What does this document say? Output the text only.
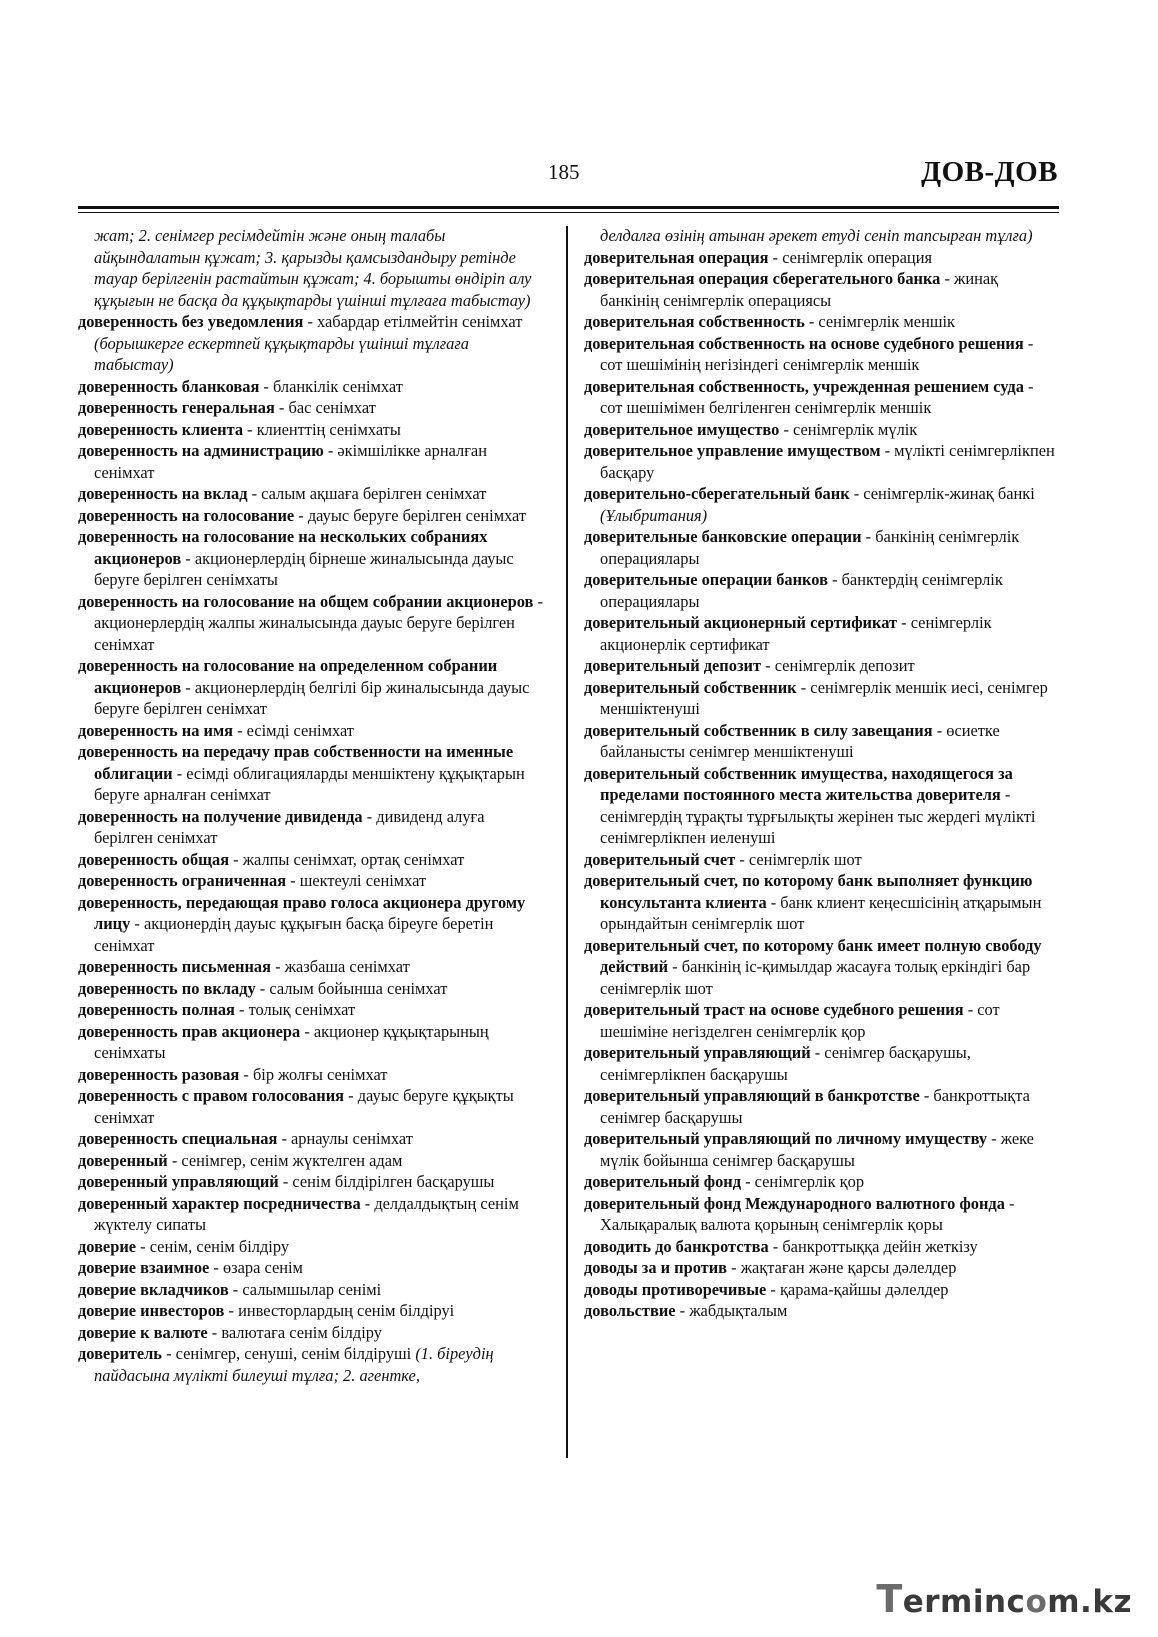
185	ДОВ-ДОВ

жат; 2. сенімгер ресімдейтін және оның талабы айқындалатын құжат; 3. қарызды қамсыздандыру ретінде тауар берілгенін растайтын құжат; 4. борышты өндіріп алу құқығын не басқа да құқықтарды үшінші тұлғаға табыстау)

доверенность без уведомления - хабардар етілмейтін сенімхат (борышкерге ескертпей құқықтарды үшінші тұлғаға табыстау)

доверенность бланковая - бланкілік сенімхат

доверенность генеральная - бас сенімхат

доверенность клиента - клиенттің сенімхаты

доверенность на администрацию - әкімшілікке арналған сенімхат

доверенность на вклад - салым ақшаға берілген сенімхат

доверенность на голосование - дауыс беруге берілген сенімхат

доверенность на голосование на нескольких собраниях акционеров - акционерлердің бірнеше жиналысында дауыс беруге берілген сенімхаты

доверенность на голосование на общем собрании акционеров - акционерлердің жалпы жиналысында дауыс беруге берілген сенімхат

доверенность на голосование на определенном собрании акционеров - акционерлердің белгілі бір жиналысында дауыс беруге берілген сенімхат

доверенность на имя - есімді сенімхат

доверенность на передачу прав собственности на именные облигации - есімді облигацияларды меншіктену құқықтарын беруге арналған сенімхат

доверенность на получение дивиденда - дивиденд алуға берілген сенімхат

доверенность общая - жалпы сенімхат, ортақ сенімхат

доверенность ограниченная - шектеулі сенімхат

доверенность, передающая право голоса акционера другому лицу - акционердің дауыс құқығын басқа біреуге беретін сенімхат

доверенность письменная - жазбаша сенімхат

доверенность по вкладу - салым бойынша сенімхат

доверенность полная - толық сенімхат

доверенность прав акционера - акционер құқықтарының сенімхаты

доверенность разовая - бір жолғы сенімхат

доверенность с правом голосования - дауыс беруге құқықты сенімхат

доверенность специальная - арнаулы сенімхат

доверенный - сенімгер, сенім жүктелген адам

доверенный управляющий - сенім білдірілген басқарушы

доверенный характер посредничества - делдалдықтың сенім жүктелу сипаты

доверие - сенім, сенім білдіру

доверие взаимное - өзара сенім

доверие вкладчиков - салымшылар сенімі

доверие инвесторов - инвесторлардың сенім білдіруі

доверие к валюте - валютаға сенім білдіру

доверитель - сенімгер, сенуші, сенім білдіруші (1. біреудің пайдасына мүлікті билеуші тұлға; 2. агентке,

делдалға өзінің атынан әрекет етуді сеніп тапсырған тұлға)

доверительная операция - сенімгерлік операция

доверительная операция сберегательного банка - жинақ банкінің сенімгерлік операциясы

доверительная собственность - сенімгерлік меншік

доверительная собственность на основе судебного решения - сот шешімінің негізіндегі сенімгерлік меншік

доверительная собственность, учрежденная решением суда - сот шешімімен белгіленген сенімгерлік меншік

доверительное имущество - сенімгерлік мүлік

доверительное управление имуществом - мүлікті сенімгерлікпен басқару

доверительно-сберегательный банк - сенімгерлік-жинақ банкі (Ұлыбритания)

доверительные банковские операции - банкінің сенімгерлік операциялары

доверительные операции банков - банктердің сенімгерлік операциялары

доверительный акционерный сертификат - сенімгерлік акционерлік сертификат

доверительный депозит - сенімгерлік депозит

доверительный собственник - сенімгерлік меншік иесі, сенімгер меншіктенуші

доверительный собственник в силу завещания - өсиетке байланысты сенімгер меншіктенуші

доверительный собственник имущества, находящегося за пределами постоянного места жительства доверителя - сенімгердің тұрақты тұрғылықты жерінен тыс жердегі мүлікті сенімгерлікпен иеленуші

доверительный счет - сенімгерлік шот

доверительный счет, по которому банк выполняет функцию консультанта клиента - банк клиент кеңесшісінің атқарымын орындайтын сенімгерлік шот

доверительный счет, по которому банк имеет полную свободу действий - банкінің іс-қимылдар жасауға толық еркіндігі бар сенімгерлік шот

доверительный траст на основе судебного решения - сот шешіміне негізделген сенімгерлік қор

доверительный управляющий - сенімгер басқарушы, сенімгерлікпен басқарушы

доверительный управляющий в банкротстве - банкроттықта сенімгер басқарушы

доверительный управляющий по личному имуществу - жеке мүлік бойынша сенімгер басқарушы

доверительный фонд - сенімгерлік қор

доверительный фонд Международного валютного фонда - Халықаралық валюта қорының сенімгерлік қоры

доводить до банкротства - банкроттыққа дейін жеткізу

доводы за и против - жақтаған және қарсы дәлелдер

доводы противоречивые - қарама-қайшы дәлелдер

довольствие - жабдықталым

Termincom.kz
